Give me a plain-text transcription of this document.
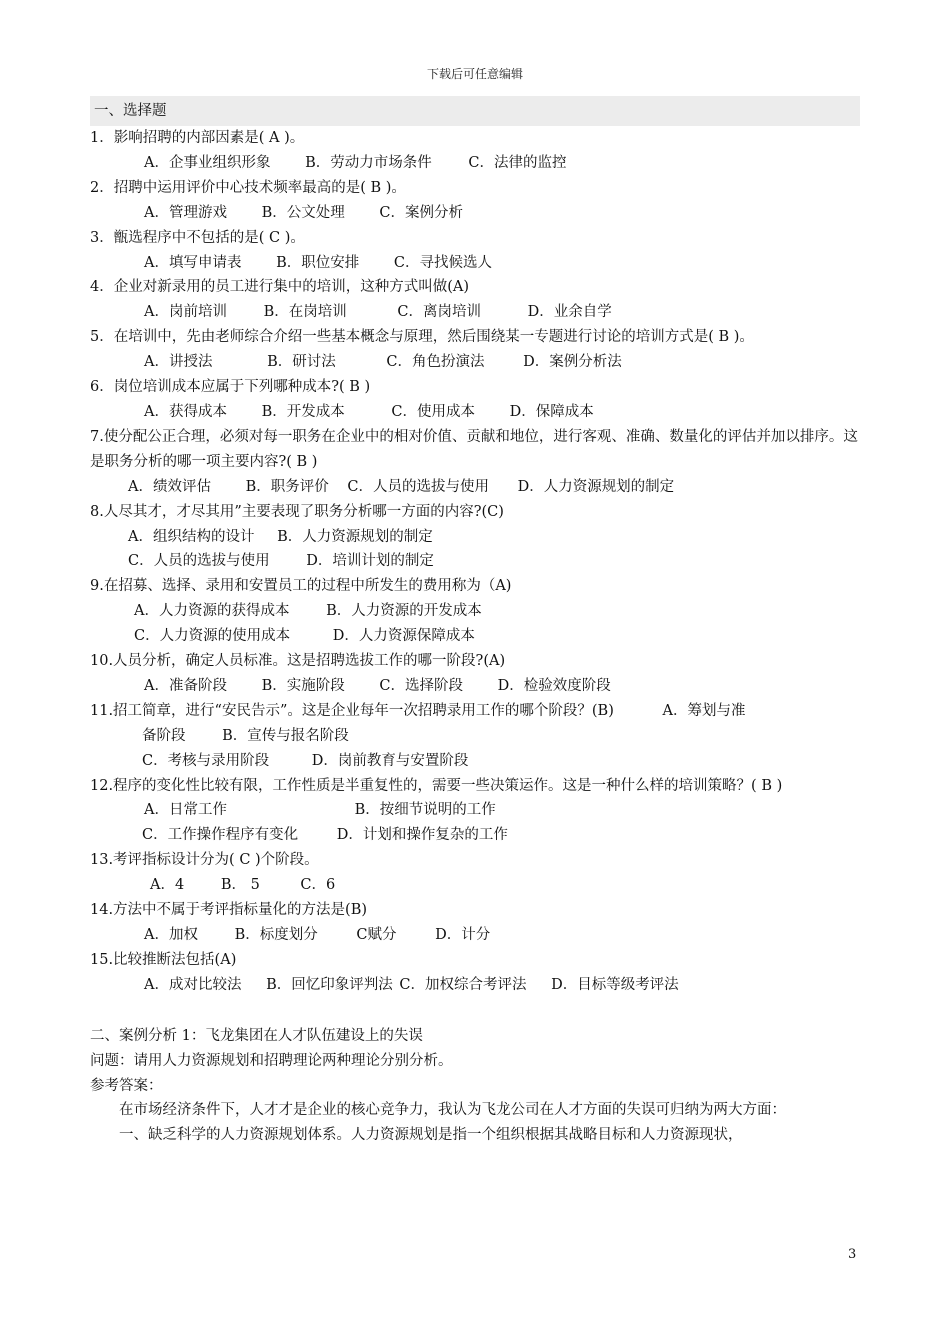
下载后可任意编辑
一、选择题
1．影响招聘的内部因素是( A )。
A．企事业组织形象 B．劳动力市场条件	C．法律的监控
2．招聘中运用评价中心技术频率最高的是( B )。
A．管理游戏 B．公文处理 C．案例分析
3．甑选程序中不包括的是( C )。
A．填写申请表 B．职位安排 C．寻找候选人
4．企业对新录用的员工进行集中的培训，这种方式叫做(A)
A．岗前培训	B．在岗培训	C．离岗培训	D．业余自学
5．在培训中，先由老师综合介绍一些基本概念与原理，然后围绕某一专题进行讨论的培训方式是( B )。
A．讲授法	B．研讨法	C．角色扮演法	D．案例分析法
6．岗位培训成本应属于下列哪种成本?( B )
A．获得成本 B．开发成本	C．使用成本 D．保障成本
7.使分配公正合理，必须对每一职务在企业中的相对价值、贡献和地位，进行客观、准确、数量化的评估并加以排序。这是职务分析的哪一项主要内容?( B )
A．绩效评估 B．职务评价 C．人员的选拔与使用 D．人力资源规划的制定
8.人尽其才，才尽其用”主要表现了职务分析哪一方面的内容?(C)
A．组织结构的设计 B．人力资源规划的制定
C．人员的选拔与使用	D．培训计划的制定
9.在招募、选择、录用和安置员工的过程中所发生的费用称为（A)
A．人力资源的获得成本	B．人力资源的开发成本
C．人力资源的使用成本	D．人力资源保障成本
10.人员分析，确定人员标准。这是招聘选拔工作的哪一阶段?(A)
A．准备阶段 B．实施阶段 C．选择阶段 D．检验效度阶段
11.招工简章，进行“安民告示”。这是企业每年一次招聘录用工作的哪个阶段？(B)	A．筹划与准
备阶段	B．宣传与报名阶段
C．考核与录用阶段	D．岗前教育与安置阶段
12.程序的变化性比较有限，工作性质是半重复性的，需要一些决策运作。这是一种什么样的培训策略？( B )
A．日常工作	B．按细节说明的工作
C．工作操作程序有变化	D．计划和操作复杂的工作
13.考评指标设计分为( C )个阶段。
A．4	B． 5	C．6
14.方法中不属于考评指标量化的方法是(B)
A．加权	B．标度划分	C赋分	D．计分
15.比较推断法包括(A)
A．成对比较法 B．回忆印象评判法 C．加权综合考评法 D．目标等级考评法
二、案例分析 1：飞龙集团在人才队伍建设上的失误
问题：请用人力资源规划和招聘理论两种理论分别分析。
参考答案：
在市场经济条件下，人才才是企业的核心竞争力，我认为飞龙公司在人才方面的失误可归纳为两大方面：
一、缺乏科学的人力资源规划体系。人力资源规划是指一个组织根据其战略目标和人力资源现状，
3
